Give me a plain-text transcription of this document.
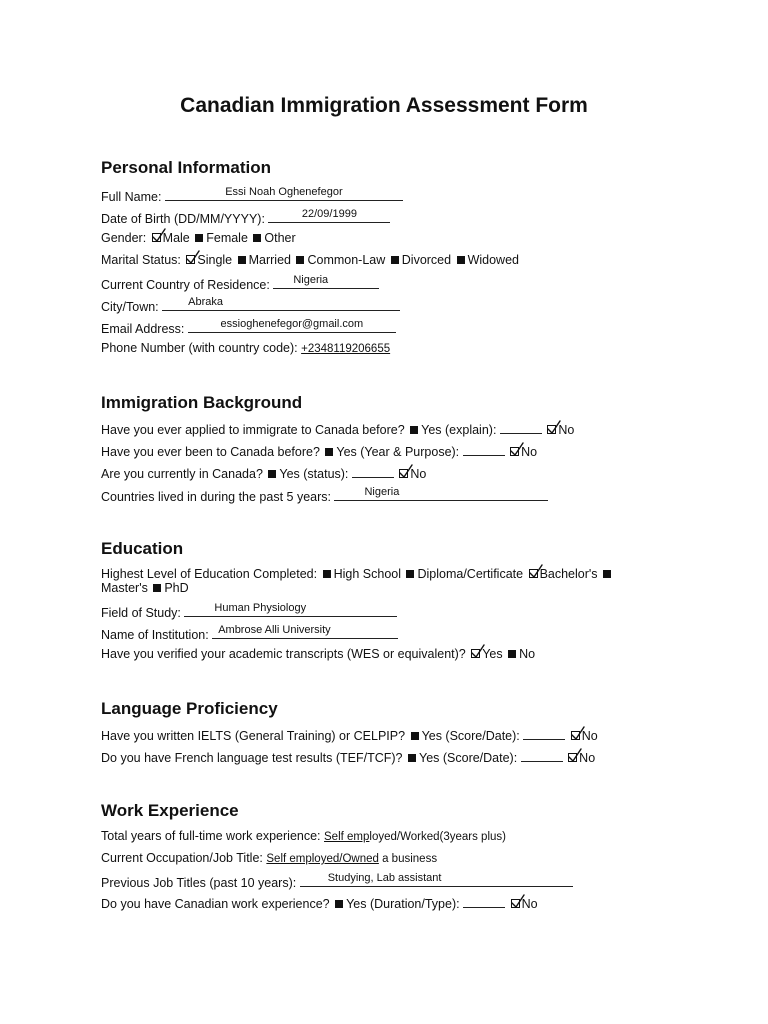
Canadian Immigration Assessment Form
Personal Information
Full Name:	Essi Noah Oghenefegor
Date of Birth (DD/MM/YYYY):	22/09/1999
Gender: Male Female Other
Marital Status: Single Married Common-Law Divorced Widowed
Current Country of Residence: Nigeria
City/Town:	Abraka
Email Address:	essioghenefegor@gmail.com
Phone Number (with country code): +2348119206655
Immigration Background
Have you ever applied to immigrate to Canada before? Yes (explain):	No
Have you ever been to Canada before? Yes (Year & Purpose):	No
Are you currently in Canada? Yes (status):	No
Countries lived in during the past 5 years:	Nigeria
Education
Highest Level of Education Completed: High School Diploma/Certificate Bachelor's
Master's PhD
Field of Study:	Human Physiology
Name of Institution: Ambrose Alli University
Have you verified your academic transcripts (WES or equivalent)? Yes No
Language Proficiency
Have you written IELTS (General Training) or CELPIP? Yes (Score/Date):	No
Do you have French language test results (TEF/TCF)? Yes (Score/Date):	No
Work Experience
Total years of full-time work experience: Self employed/Worked(3years plus)
Current Occupation/Job Title: Self employed/Owned a business
Previous Job Titles (past 10 years):	Studying, Lab assistant
Do you have Canadian work experience? Yes (Duration/Type):	No
